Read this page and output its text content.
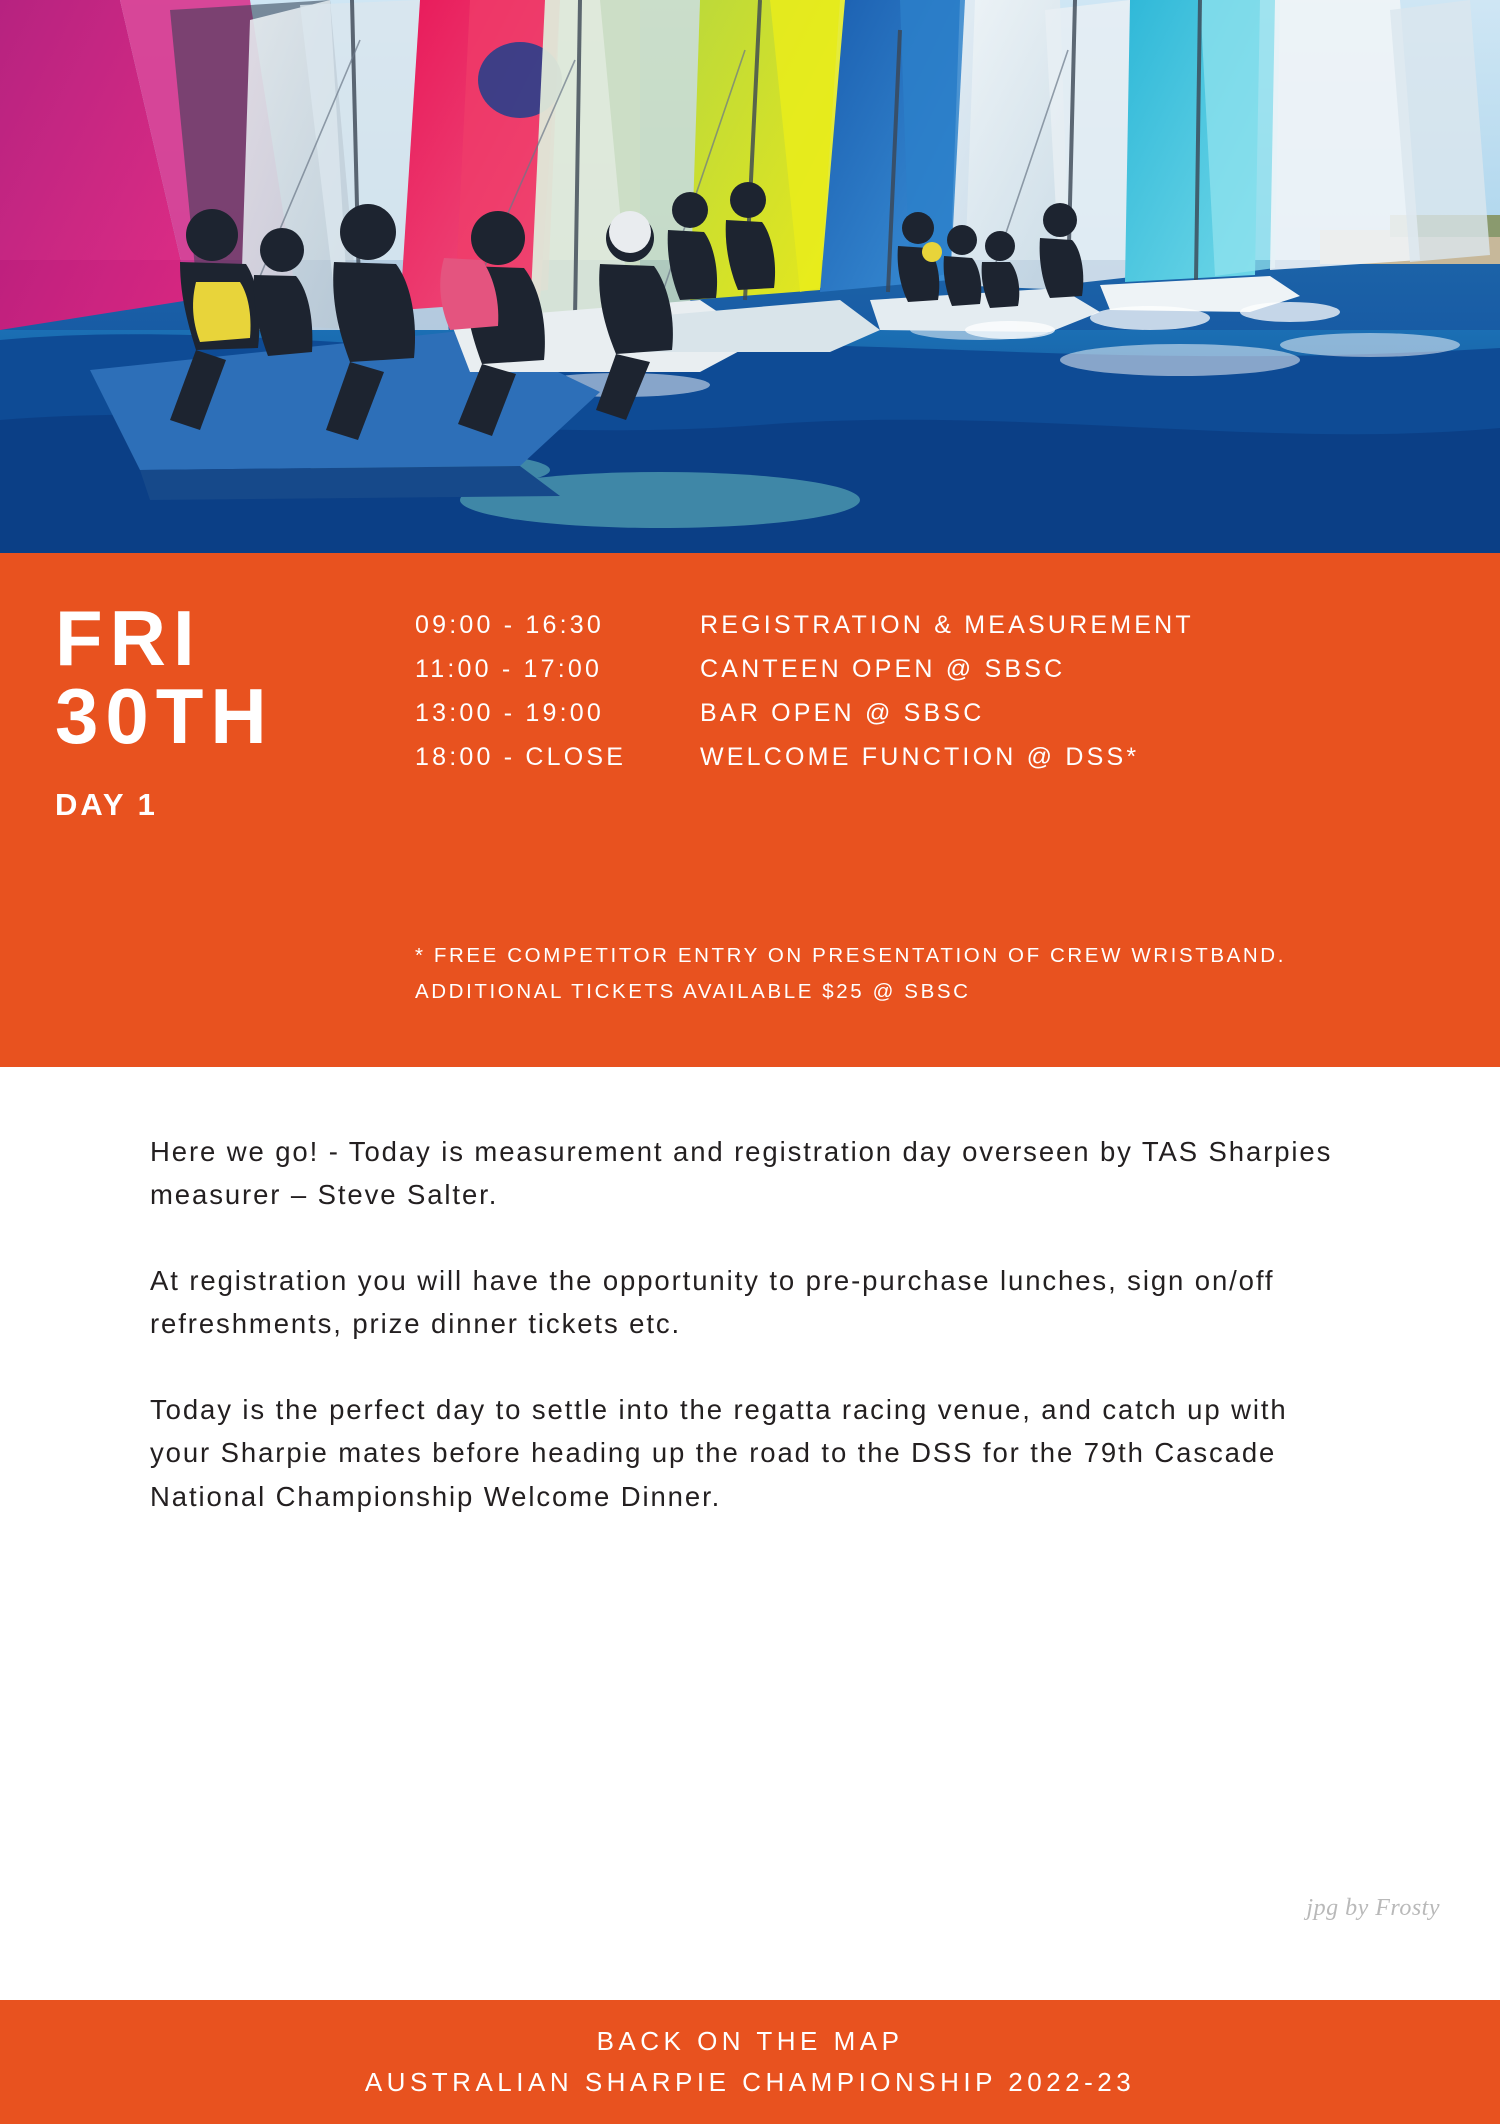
FRI
30TH
DAY 1
09:00 - 16:30	REGISTRATION & MEASUREMENT
11:00 - 17:00	CANTEEN OPEN @ SBSC
13:00 - 19:00	BAR OPEN @ SBSC
18:00 - CLOSE	WELCOME FUNCTION @ DSS*
* FREE COMPETITOR ENTRY ON PRESENTATION OF CREW WRISTBAND. ADDITIONAL TICKETS AVAILABLE $25 @ SBSC

Here we go! - Today is measurement and registration day overseen by TAS Sharpies measurer – Steve Salter.

At registration you will have the opportunity to pre-purchase lunches, sign on/off refreshments, prize dinner tickets etc.

Today is the perfect day to settle into the regatta racing venue, and catch up with your Sharpie mates before heading up the road to the DSS for the 79th Cascade National Championship Welcome Dinner.

jpg by Frosty
BACK ON THE MAP
AUSTRALIAN SHARPIE CHAMPIONSHIP 2022-23
